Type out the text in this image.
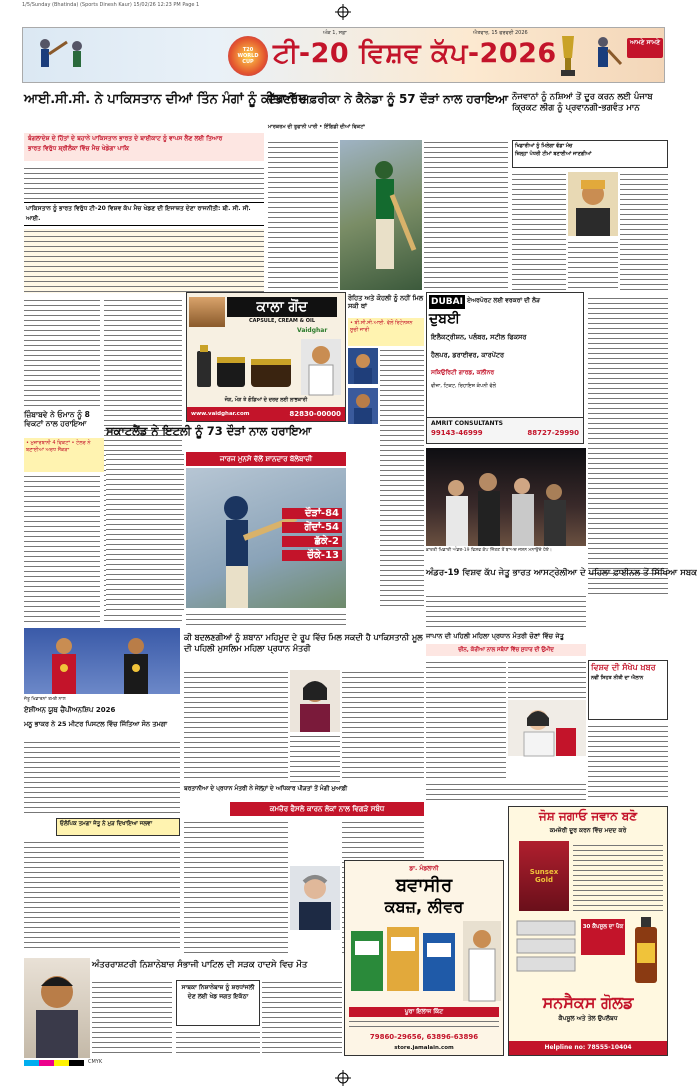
1/5/Sunday (Bhatinda) (Sports Dinesh Kaur) 15/02/26 12:23 PM Page 1
ਅੰਕ 1, ਸਫ਼ਾ	ਐਤਵਾਰ, 15 ਫਰਵਰੀ 2026
T20 WORLD CUP ਟੀ-20 ਵਿਸ਼ਵ ਕੱਪ-2026	ਆਮਣੇ ਸਾਮਣੇ
ਆਈ.ਸੀ.ਸੀ. ਨੇ ਪਾਕਿਸਤਾਨ ਦੀਆਂ ਤਿੰਨ ਮੰਗਾਂ ਨੂੰ ਕੀਤਾ ਰੱਦ
ਬੰਗਲਾਦੇਸ਼ ਦੇ ਹਿੱਤਾਂ ਦੇ ਬਹਾਨੇ ਪਾਕਿਸਤਾਨ ਭਾਰਤ ਦੇ ਬਾਈਕਾਟ ਨੂੰ ਵਾਪਸ ਲੈਣ ਲਈ ਤਿਆਰ
ਭਾਰਤ ਵਿਰੁੱਧ ਸ਼੍ਰੀਲੰਕਾ ਵਿੱਚ ਮੈਚ ਖੇਡੇਗਾ ਪਾਕਿ
ਪਾਕਿਸਤਾਨ ਨੂੰ ਭਾਰਤ ਵਿਰੁੱਧ ਟੀ-20 ਵਿਸ਼ਵ ਕੱਪ ਮੈਚ ਖੇਡਣ ਦੀ ਇਜਾਜ਼ਤ ਦੇਣਾ ਰਾਜਨੀਤੀ: ਬੀ. ਸੀ. ਸੀ. ਆਈ.
ਜ਼ਿੰਬਾਬਵੇ ਨੇ ਓਮਾਨ ਨੂੰ 8 ਵਿਕਟਾਂ ਨਾਲ ਹਰਾਇਆ
• ਮੁਜ਼ਾਰਬਾਨੀ 4 ਵਿਕਟਾਂ • ਟੇਲਰ ਨੇ ਬਣਾਈਆਂ ਅਰਧ ਸੈਂਕੜਾ
ਦੱਖਣੀ ਅਫ਼ਰੀਕਾ ਨੇ ਕੈਨੇਡਾ ਨੂੰ 57 ਦੌੜਾਂ ਨਾਲ ਹਰਾਇਆ
ਮਾਰਕਰਮ ਦੀ ਤੂਫਾਨੀ ਪਾਰੀ • ਇੰਗਿਡੀ ਦੀਆਂ ਵਿਕਟਾਂ
ਨੌਜਵਾਨਾਂ ਨੂੰ ਨਸ਼ਿਆਂ ਤੋਂ ਦੂਰ ਕਰਨ ਲਈ ਪੰਜਾਬ ਕ੍ਰਿਕਟ ਲੀਗ ਨੂੰ ਪ੍ਰਵਾਨਗੀ-ਭਗਵੰਤ ਮਾਨ
ਖਿਡਾਰੀਆਂ ਨੂੰ ਮਿਲੇਗਾ ਵੱਡਾ ਮੰਚ
ਜ਼ਿਲ੍ਹਾ ਪੱਧਰੀ ਟੀਮਾਂ ਬਣਾਈਆਂ ਜਾਣਗੀਆਂ
ਕਾਲਾ ਗੋਂਦ
CAPSULE, CREAM & OIL
Vaidghar
ਜੋੜ, ਮੋੜ ਤੇ ਗੋਡਿਆਂ ਦੇ ਦਰਦ ਲਈ ਲਾਭਕਾਰੀ
www.vaidghar.com	82830-00000
ਰੋਹਿਤ ਅਤੇ ਕੋਹਲੀ ਨੂੰ ਨਹੀਂ ਮਿਲ ਸਕੀ ਥਾਂ
• ਬੀ.ਸੀ.ਸੀ.ਆਈ. ਵੱਲੋਂ ਰਿਟੇਨਸ਼ਨ ਸੂਚੀ ਜਾਰੀ
DUBAI
ਦੁਬਈ
ਏਅਰਪੋਰਟ ਲਈ ਵਰਕਰਾਂ ਦੀ ਲੋੜ
ਇਲੈਕਟ੍ਰੀਸ਼ਨ, ਪਲੰਬਰ, ਸਟੀਲ ਫਿਕਸਰ
ਹੈਲਪਰ, ਡਰਾਈਵਰ, ਕਾਰਪੇਂਟਰ
ਸਕਿਉਰਿਟੀ ਗਾਰਡ, ਕਲੀਨਰ
ਵੀਜ਼ਾ, ਟਿਕਟ, ਰਿਹਾਇਸ਼ ਕੰਪਨੀ ਵੱਲੋਂ
AMRIT CONSULTANTS
99143-46999	88727-29990
ਸਕਾਟਲੈਂਡ ਨੇ ਇਟਲੀ ਨੂੰ 73 ਦੌੜਾਂ ਨਾਲ ਹਰਾਇਆ
ਜਾਰਜ ਮੁਨਸੇ ਵੱਲੋਂ ਸ਼ਾਨਦਾਰ ਬੱਲੇਬਾਜ਼ੀ
ਦੌੜਾਂ-84
ਗੇਂਦਾਂ-54
ਛੱਕੇ-2
ਚੌਕੇ-13	ਭਾਰਤੀ ਖਿਡਾਰੀ ਅੰਡਰ-19 ਵਿਸ਼ਵ ਕੱਪ ਜਿੱਤਣ ਤੋਂ ਬਾਅਦ ਜਸ਼ਨ ਮਨਾਉਂਦੇ ਹੋਏ।
ਅੰਡਰ-19 ਵਿਸ਼ਵ ਕੱਪ ਜੇਤੂ ਭਾਰਤ ਆਸਟ੍ਰੇਲੀਆ ਦੇ ਪਹਿਲਾ ਫ਼ਾਈਨਲ ਤੋਂ ਸਿੱਖਿਆ ਸਬਕ
ਜੇਤੂ ਖਿਡਾਰਨਾਂ ਤਮਗੇ ਨਾਲ
ਏਸ਼ੀਅਨ ਯੂਥ ਚੈਂਪੀਅਨਸ਼ਿਪ 2026
ਮਨੂ ਭਾਕਰ ਨੇ 25 ਮੀਟਰ ਪਿਸਟਲ ਵਿੱਚ ਜਿੱਤਿਆ ਸੋਨ ਤਮਗਾ
ਓਲੰਪਿਕ ਤਮਗਾ ਜੇਤੂ ਨੇ ਮੁੜ ਦਿਖਾਇਆ ਜਲਵਾ
ਕੀ ਬਦਲਣਗੀਆਂ ਨੂੰ ਸ਼ਬਾਨਾ ਮਹਿਮੂਦ ਦੇ ਰੂਪ ਵਿੱਚ ਮਿਲ ਸਕਦੀ ਹੈ ਪਾਕਿਸਤਾਨੀ ਮੂਲ ਦੀ ਪਹਿਲੀ ਮੁਸਲਿਮ ਮਹਿਲਾ ਪ੍ਰਧਾਨ ਮੰਤਰੀ
ਬਰਤਾਨੀਆ ਦੇ ਪ੍ਰਧਾਨ ਮੰਤਰੀ ਨੇ ਜੇਲ੍ਹਾਂ ਦੇ ਅਧਿਕਾਰ ਪੀੜਤਾਂ ਤੋਂ ਮੰਗੀ ਮੁਆਫ਼ੀ
ਕਮਜ਼ੋਰ ਫੈਸਲੇ ਕਾਰਨ ਲੋਕਾਂ ਨਾਲ ਵਿਗੜੇ ਸਬੰਧ
ਜਾਪਾਨ ਦੀ ਪਹਿਲੀ ਮਹਿਲਾ ਪ੍ਰਧਾਨ ਮੰਤਰੀ ਚੋਣਾਂ ਵਿੱਚ ਜੇਤੂ
ਚੀਨ, ਕੋਰੀਆ ਨਾਲ ਸਬੰਧਾਂ ਵਿੱਚ ਸੁਧਾਰ ਦੀ ਉਮੀਦ
ਵਿਸ਼ਵ ਦੀ ਸੰਖੇਪ ਖ਼ਬਰ
ਨਵੀਂ ਸਿਹਤ ਨੀਤੀ ਦਾ ਐਲਾਨ
ਜੋਸ਼ ਜਗਾਓ ਜਵਾਨ ਬਣੋ
ਕਮਜ਼ੋਰੀ ਦੂਰ ਕਰਨ ਵਿੱਚ ਮਦਦ ਕਰੇ
Sunsex Gold
30 ਕੈਪਸੂਲ ਦਾ ਪੈਕ
ਸਨਸੈਕਸ ਗੋਲਡ
ਕੈਪਸੂਲ ਅਤੇ ਤੇਲ ਉਪਲੱਬਧ
Helpline no: 78555-10404
ਡਾ. ਮੰਡਲਾਨੀ
ਬਵਾਸੀਰ
ਕਬਜ਼, ਲੀਵਰ
ਪੂਰਾ ਇਲਾਜ ਕਿੱਟ
79860-29656, 63896-63896
store.jamalain.com
ਅੰਤਰਰਾਸ਼ਟਰੀ ਨਿਸ਼ਾਨੇਬਾਜ਼ ਸੰਭਾਜੀ ਪਾਟਿਲ ਦੀ ਸੜਕ ਹਾਦਸੇ ਵਿਚ ਮੌਤ
ਸਾਬਕਾ ਨਿਸ਼ਾਨੇਬਾਜ਼ ਨੂੰ ਸ਼ਰਧਾਂਜਲੀ ਦੇਣ ਲਈ ਖੇਡ ਜਗਤ ਇਕੱਠਾ
CMYK
